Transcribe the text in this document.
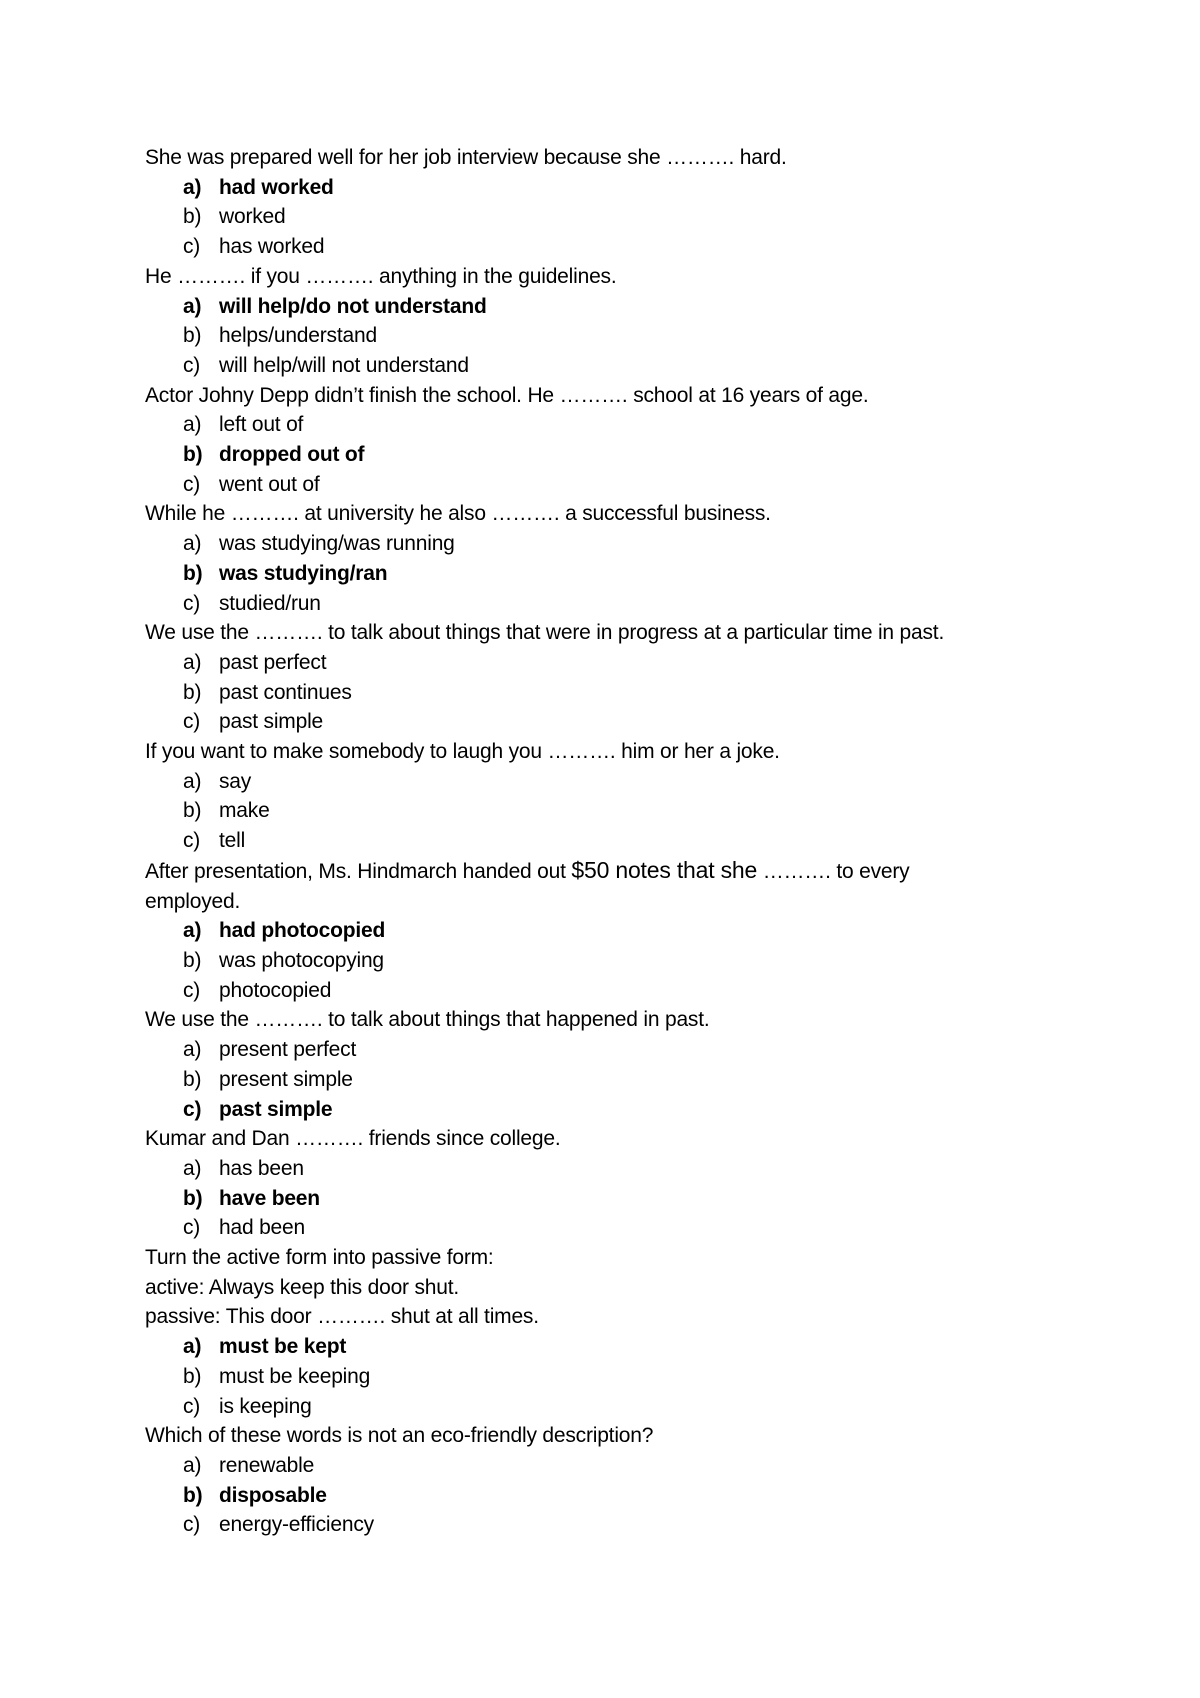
She was prepared well for her job interview because she ………. hard.
a) had worked
b) worked
c) has worked
He ………. if you ………. anything in the guidelines.
a) will help/do not understand
b) helps/understand
c) will help/will not understand
Actor Johny Depp didn’t finish the school. He ………. school at 16 years of age.
a) left out of
b) dropped out of
c) went out of
While he ………. at university he also ………. a successful business.
a) was studying/was running
b) was studying/ran
c) studied/run
We use the ………. to talk about things that were in progress at a particular time in past.
a) past perfect
b) past continues
c) past simple
If you want to make somebody to laugh you ………. him or her a joke.
a) say
b) make
c) tell
After presentation, Ms. Hindmarch handed out $50 notes that she ………. to every
employed.
a) had photocopied
b) was photocopying
c) photocopied
We use the ………. to talk about things that happened in past.
a) present perfect
b) present simple
c) past simple
Kumar and Dan ………. friends since college.
a) has been
b) have been
c) had been
Turn the active form into passive form:
active: Always keep this door shut.
passive: This door ………. shut at all times.
a) must be kept
b) must be keeping
c) is keeping
Which of these words is not an eco-friendly description?
a) renewable
b) disposable
c) energy-efficiency
